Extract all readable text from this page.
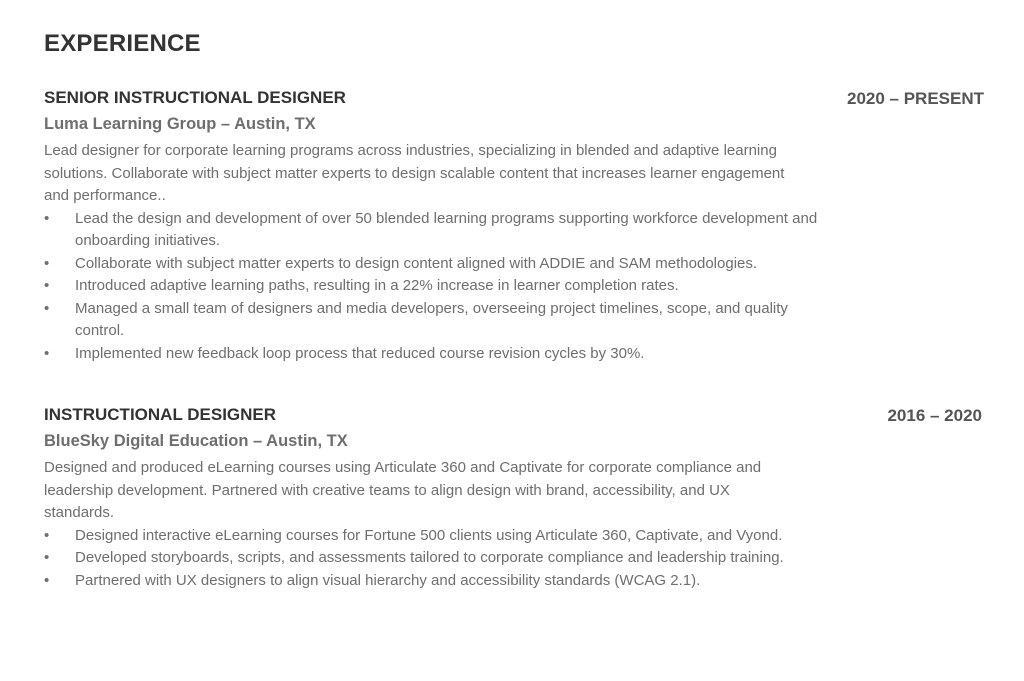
EXPERIENCE
SENIOR INSTRUCTIONAL DESIGNER	2020 – PRESENT
Luma Learning Group – Austin, TX

Lead designer for corporate learning programs across industries, specializing in blended and adaptive learning solutions. Collaborate with subject matter experts to design scalable content that increases learner engagement and performance..

• Lead the design and development of over 50 blended learning programs supporting workforce development and onboarding initiatives.
• Collaborate with subject matter experts to design content aligned with ADDIE and SAM methodologies.
• Introduced adaptive learning paths, resulting in a 22% increase in learner completion rates.
• Managed a small team of designers and media developers, overseeing project timelines, scope, and quality control.
• Implemented new feedback loop process that reduced course revision cycles by 30%.
INSTRUCTIONAL DESIGNER	2016 – 2020
BlueSky Digital Education – Austin, TX

Designed and produced eLearning courses using Articulate 360 and Captivate for corporate compliance and leadership development. Partnered with creative teams to align design with brand, accessibility, and UX standards.

• Designed interactive eLearning courses for Fortune 500 clients using Articulate 360, Captivate, and Vyond.
• Developed storyboards, scripts, and assessments tailored to corporate compliance and leadership training.
• Partnered with UX designers to align visual hierarchy and accessibility standards (WCAG 2.1).
